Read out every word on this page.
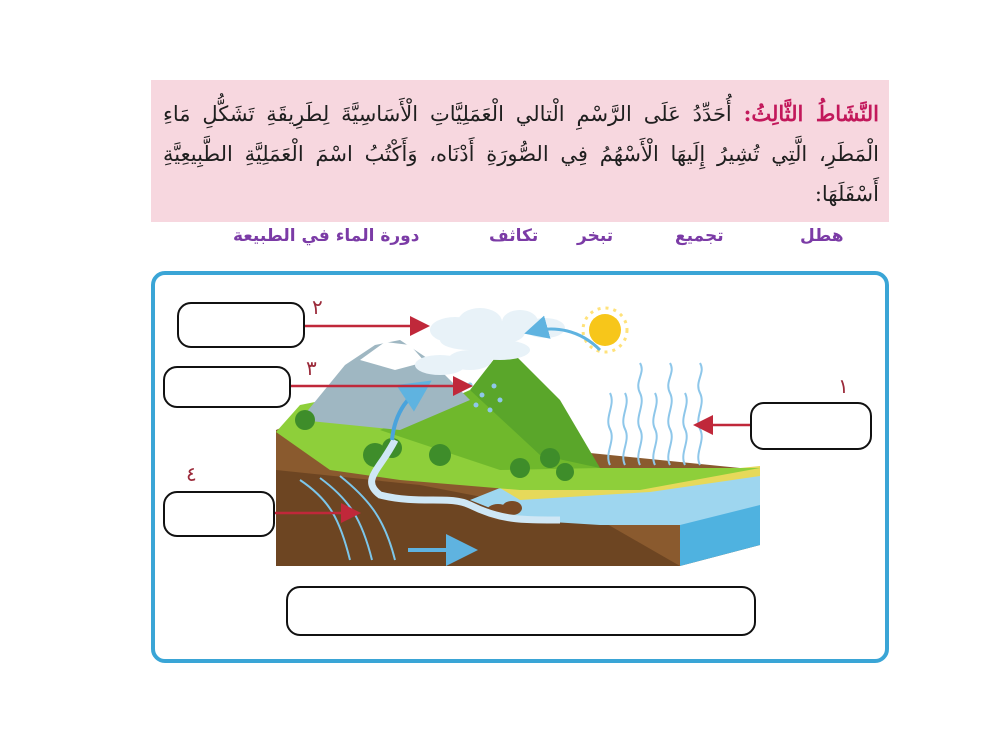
النَّشَاطُ الثَّالِثُ: أُحَدِّدُ عَلَى الرَّسْمِ الْتالي الْعَمَلِيَّاتِ الْأَسَاسِيَّةَ لِطَرِيقَةِ تَشَكُّلِ مَاءِ الْمَطَرِ، الَّتِي تُشِيرُ إِلَيهَا الْأَسْهُمُ فِي الصُّورَةِ أَدْنَاه، وَأَكْتُبُ اسْمَ الْعَمَلِيَّةِ الطَّبِيعِيَّةِ أَسْفَلَهَا:
هطل
تجميع
تبخر
تكاثف
دورة الماء في الطبيعة
٢
٣
١
٤
